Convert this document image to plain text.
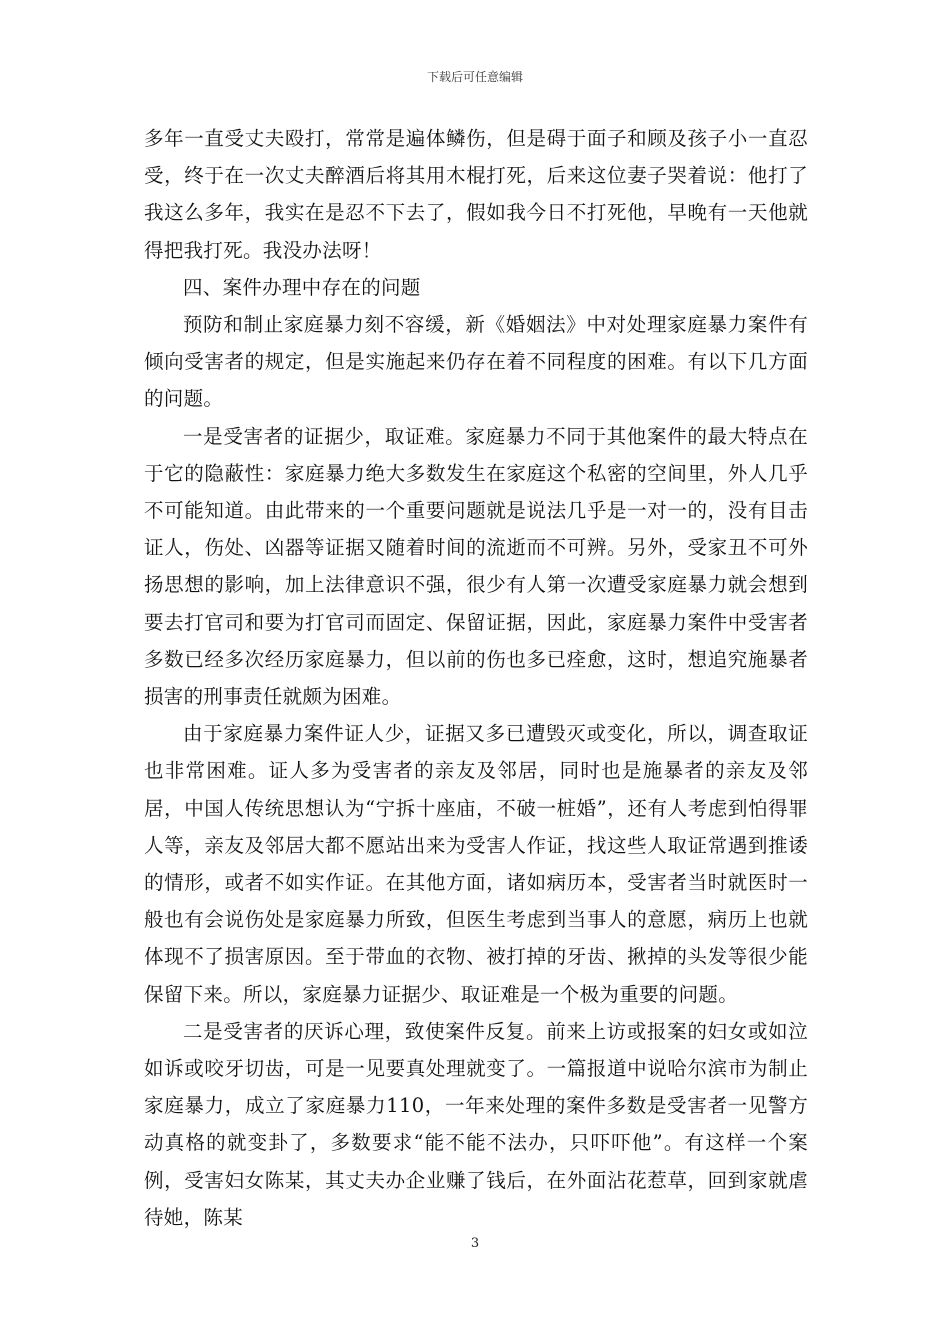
下载后可任意编辑

多年一直受丈夫殴打，常常是遍体鳞伤，但是碍于面子和顾及孩子小一直忍受，终于在一次丈夫醉酒后将其用木棍打死，后来这位妻子哭着说：他打了我这么多年，我实在是忍不下去了，假如我今日不打死他，早晚有一天他就得把我打死。我没办法呀！

四、案件办理中存在的问题

预防和制止家庭暴力刻不容缓，新《婚姻法》中对处理家庭暴力案件有倾向受害者的规定，但是实施起来仍存在着不同程度的困难。有以下几方面的问题。

一是受害者的证据少，取证难。家庭暴力不同于其他案件的最大特点在于它的隐蔽性：家庭暴力绝大多数发生在家庭这个私密的空间里，外人几乎不可能知道。由此带来的一个重要问题就是说法几乎是一对一的，没有目击证人，伤处、凶器等证据又随着时间的流逝而不可辨。另外，受家丑不可外扬思想的影响，加上法律意识不强，很少有人第一次遭受家庭暴力就会想到要去打官司和要为打官司而固定、保留证据，因此，家庭暴力案件中受害者多数已经多次经历家庭暴力，但以前的伤也多已痊愈，这时，想追究施暴者损害的刑事责任就颇为困难。

由于家庭暴力案件证人少，证据又多已遭毁灭或变化，所以，调查取证也非常困难。证人多为受害者的亲友及邻居，同时也是施暴者的亲友及邻居，中国人传统思想认为“宁拆十座庙，不破一桩婚”，还有人考虑到怕得罪人等，亲友及邻居大都不愿站出来为受害人作证，找这些人取证常遇到推诿的情形，或者不如实作证。在其他方面，诸如病历本，受害者当时就医时一般也有会说伤处是家庭暴力所致，但医生考虑到当事人的意愿，病历上也就体现不了损害原因。至于带血的衣物、被打掉的牙齿、揪掉的头发等很少能保留下来。所以，家庭暴力证据少、取证难是一个极为重要的问题。

二是受害者的厌诉心理，致使案件反复。前来上访或报案的妇女或如泣如诉或咬牙切齿，可是一见要真处理就变了。一篇报道中说哈尔滨市为制止家庭暴力，成立了家庭暴力110，一年来处理的案件多数是受害者一见警方动真格的就变卦了，多数要求“能不能不法办，只吓吓他”。有这样一个案例，受害妇女陈某，其丈夫办企业赚了钱后，在外面沾花惹草，回到家就虐待她，陈某

3
